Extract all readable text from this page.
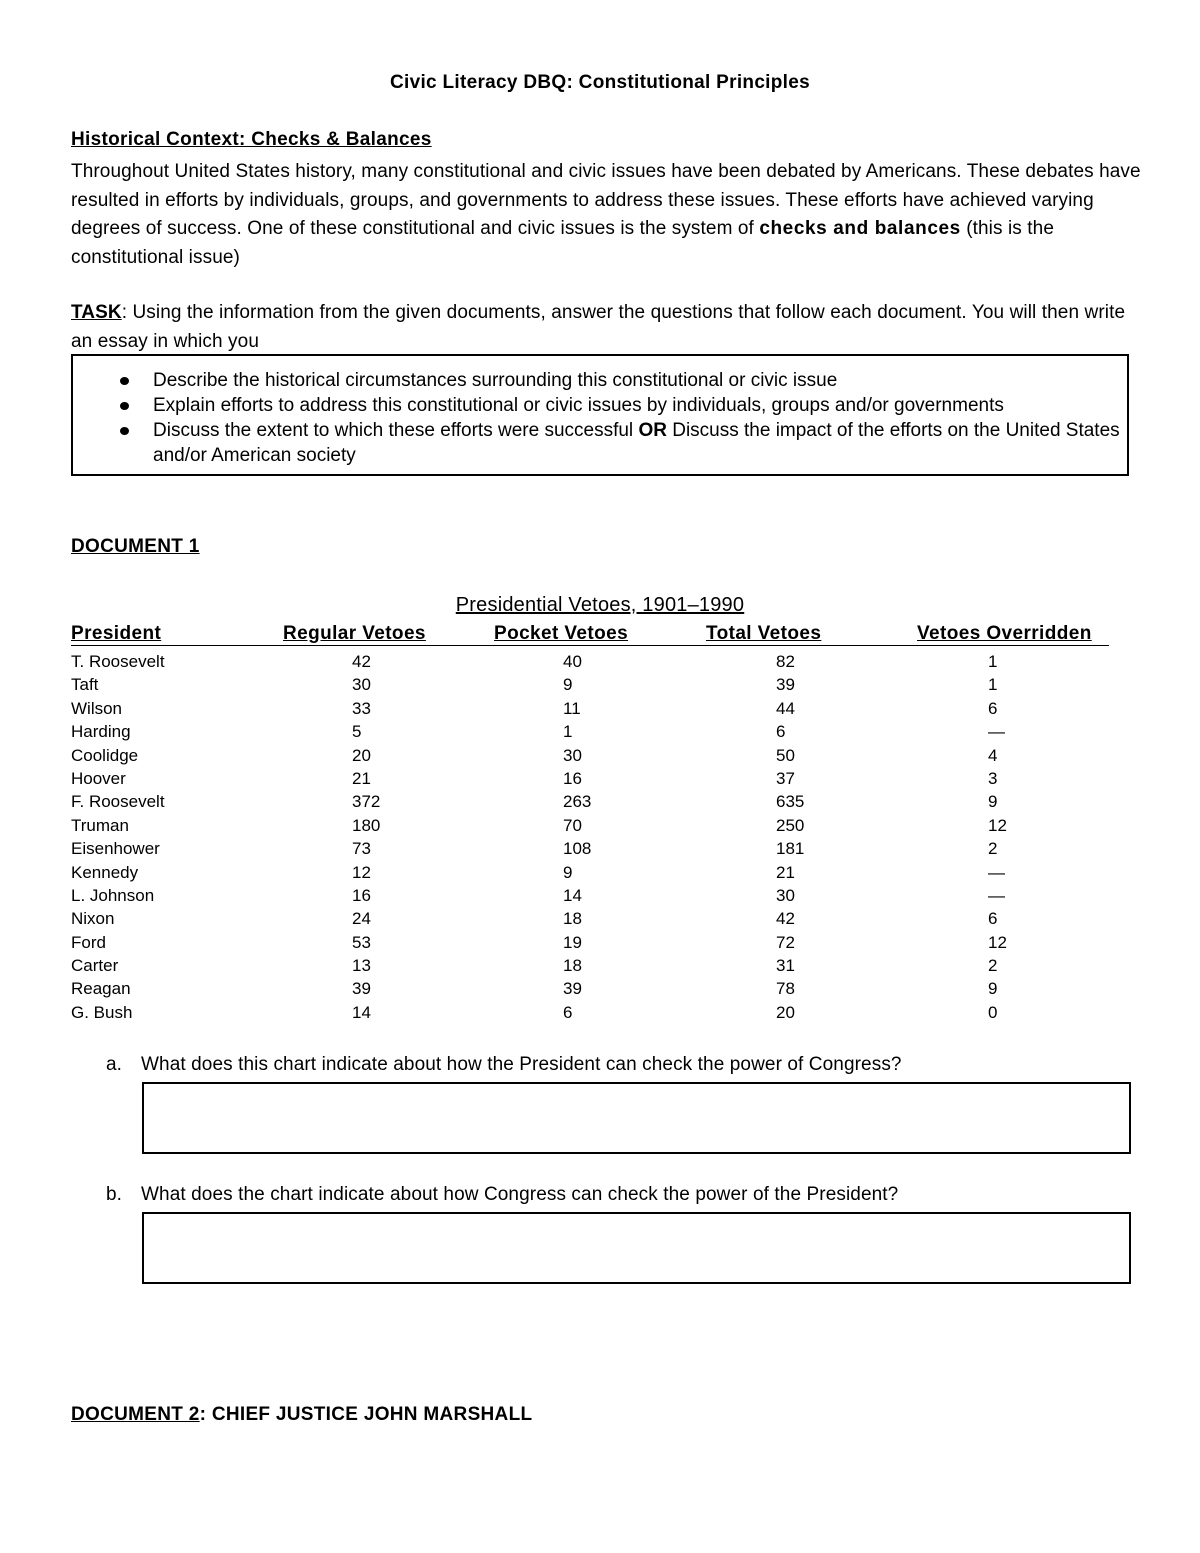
Civic Literacy DBQ: Constitutional Principles
Historical Context: Checks & Balances
Throughout United States history, many constitutional and civic issues have been debated by Americans. These debates have resulted in efforts by individuals, groups, and governments to address these issues. These efforts have achieved varying degrees of success. One of these constitutional and civic issues is the system of checks and balances (this is the constitutional issue)
TASK: Using the information from the given documents, answer the questions that follow each document. You will then write an essay in which you
Describe the historical circumstances surrounding this constitutional or civic issue
Explain efforts to address this constitutional or civic issues by individuals, groups and/or governments
Discuss the extent to which these efforts were successful OR Discuss the impact of the efforts on the United States and/or American society
DOCUMENT 1
Presidential Vetoes, 1901–1990
President	Regular Vetoes	Pocket Vetoes	Total Vetoes	Vetoes Overridden
T. Roosevelt	42	40	82	1
Taft	30	9	39	1
Wilson	33	11	44	6
Harding	5	1	6	—
Coolidge	20	30	50	4
Hoover	21	16	37	3
F. Roosevelt	372	263	635	9
Truman	180	70	250	12
Eisenhower	73	108	181	2
Kennedy	12	9	21	—
L. Johnson	16	14	30	—
Nixon	24	18	42	6
Ford	53	19	72	12
Carter	13	18	31	2
Reagan	39	39	78	9
G. Bush	14	6	20	0
a. What does this chart indicate about how the President can check the power of Congress?
b. What does the chart indicate about how Congress can check the power of the President?
DOCUMENT 2: CHIEF JUSTICE JOHN MARSHALL
